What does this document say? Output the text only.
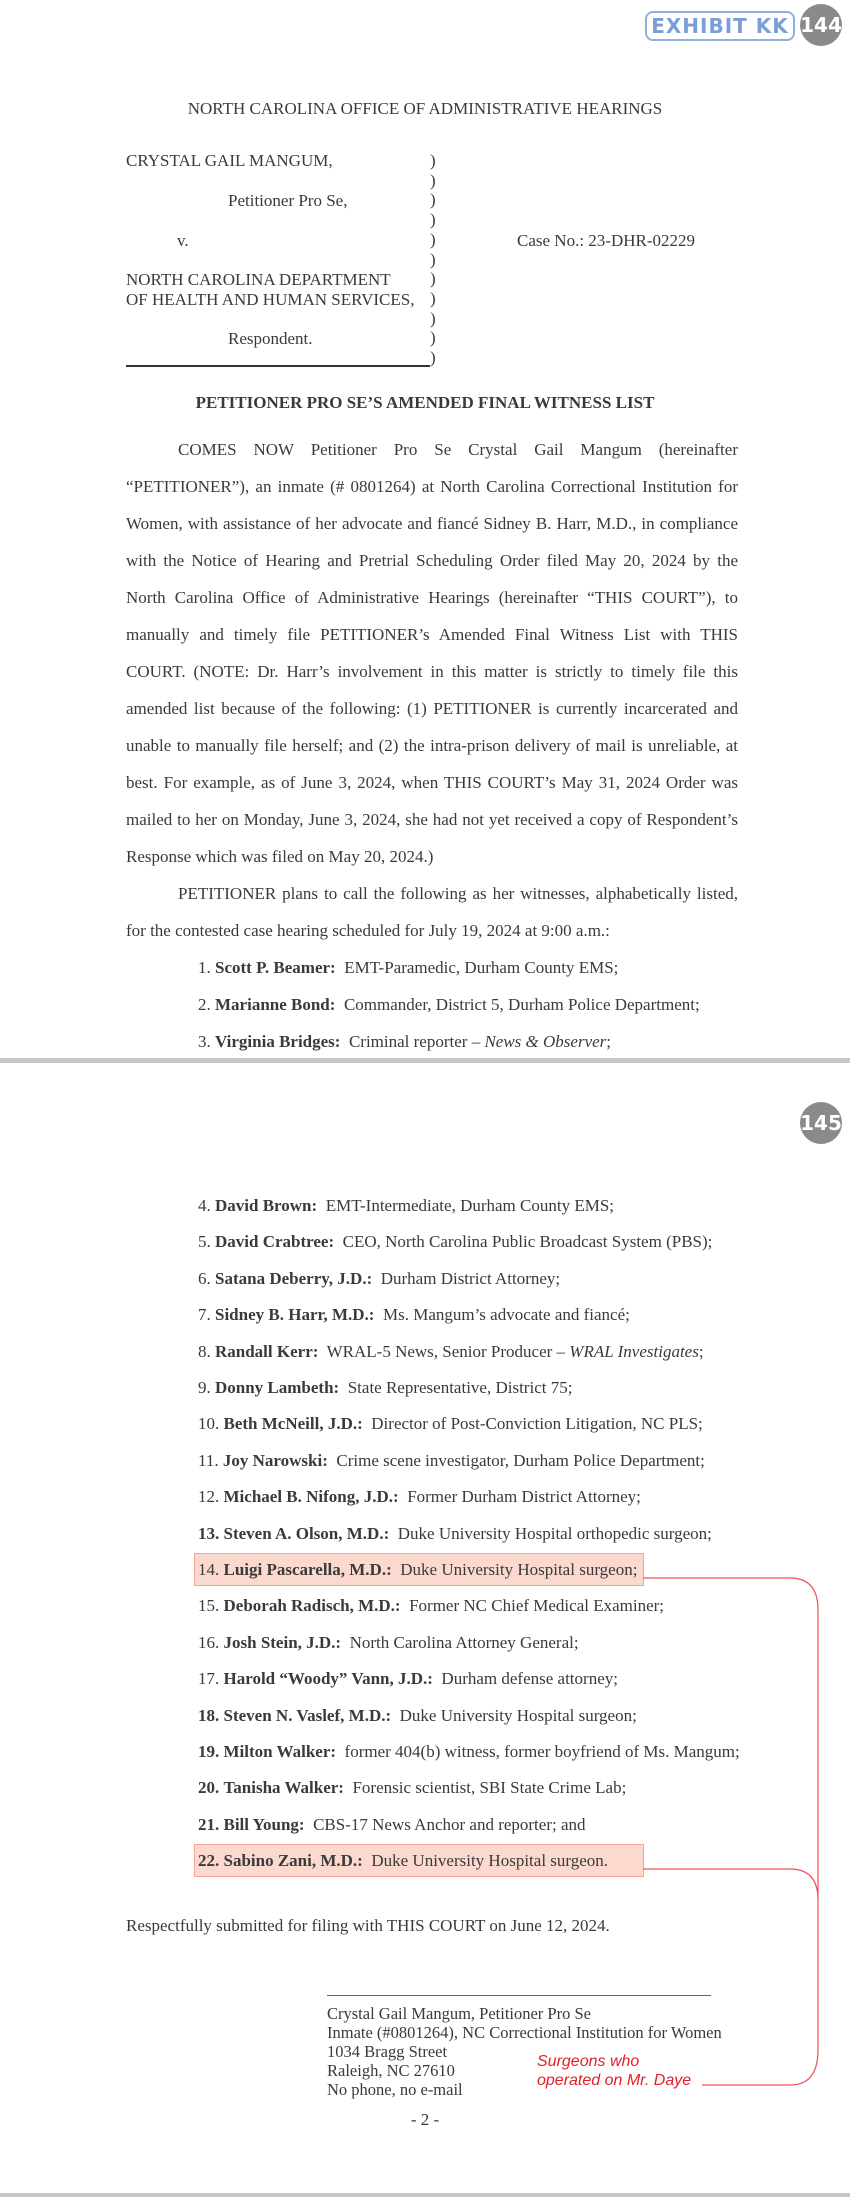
EXHIBIT KK 144
NORTH CAROLINA OFFICE OF ADMINISTRATIVE HEARINGS
CRYSTAL GAIL MANGUM,
Petitioner Pro Se,
v.
NORTH CAROLINA DEPARTMENT
OF HEALTH AND HUMAN SERVICES,
Respondent.
)
)
)
)
)
)
)
)
)
)
)
Case No.: 23-DHR-02229
PETITIONER PRO SE’S AMENDED FINAL WITNESS LIST

COMES NOW Petitioner Pro Se Crystal Gail Mangum (hereinafter “PETITIONER”), an inmate (# 0801264) at North Carolina Correctional Institution for Women, with assistance of her advocate and fiancé Sidney B. Harr, M.D., in compliance with the Notice of Hearing and Pretrial Scheduling Order filed May 20, 2024 by the North Carolina Office of Administrative Hearings (hereinafter “THIS COURT”), to manually and timely file PETITIONER’s Amended Final Witness List with THIS COURT. (NOTE: Dr. Harr’s involvement in this matter is strictly to timely file this amended list because of the following: (1) PETITIONER is currently incarcerated and unable to manually file herself; and (2) the intra-prison delivery of mail is unreliable, at best. For example, as of June 3, 2024, when THIS COURT’s May 31, 2024 Order was mailed to her on Monday, June 3, 2024, she had not yet received a copy of Respondent’s Response which was filed on May 20, 2024.)

PETITIONER plans to call the following as her witnesses, alphabetically listed, for the contested case hearing scheduled for July 19, 2024 at 9:00 a.m.:

1. Scott P. Beamer: EMT-Paramedic, Durham County EMS;
2. Marianne Bond: Commander, District 5, Durham Police Department;
3. Virginia Bridges: Criminal reporter – News & Observer;
4. David Brown: EMT-Intermediate, Durham County EMS;
5. David Crabtree: CEO, North Carolina Public Broadcast System (PBS);
6. Satana Deberry, J.D.: Durham District Attorney;
7. Sidney B. Harr, M.D.: Ms. Mangum’s advocate and fiancé;
8. Randall Kerr: WRAL-5 News, Senior Producer – WRAL Investigates;
9. Donny Lambeth: State Representative, District 75;
10. Beth McNeill, J.D.: Director of Post-Conviction Litigation, NC PLS;
11. Joy Narowski: Crime scene investigator, Durham Police Department;
12. Michael B. Nifong, J.D.: Former Durham District Attorney;
13. Steven A. Olson, M.D.: Duke University Hospital orthopedic surgeon;
14. Luigi Pascarella, M.D.: Duke University Hospital surgeon;
15. Deborah Radisch, M.D.: Former NC Chief Medical Examiner;
16. Josh Stein, J.D.: North Carolina Attorney General;
17. Harold “Woody” Vann, J.D.: Durham defense attorney;
18. Steven N. Vaslef, M.D.: Duke University Hospital surgeon;
19. Milton Walker: former 404(b) witness, former boyfriend of Ms. Mangum;
20. Tanisha Walker: Forensic scientist, SBI State Crime Lab;
21. Bill Young: CBS-17 News Anchor and reporter; and
22. Sabino Zani, M.D.: Duke University Hospital surgeon.
145
Respectfully submitted for filing with THIS COURT on June 12, 2024.
Crystal Gail Mangum, Petitioner Pro Se
Inmate (#0801264), NC Correctional Institution for Women
1034 Bragg Street
Raleigh, NC 27610
No phone, no e-mail
Surgeons who
operated on Mr. Daye
- 2 -
